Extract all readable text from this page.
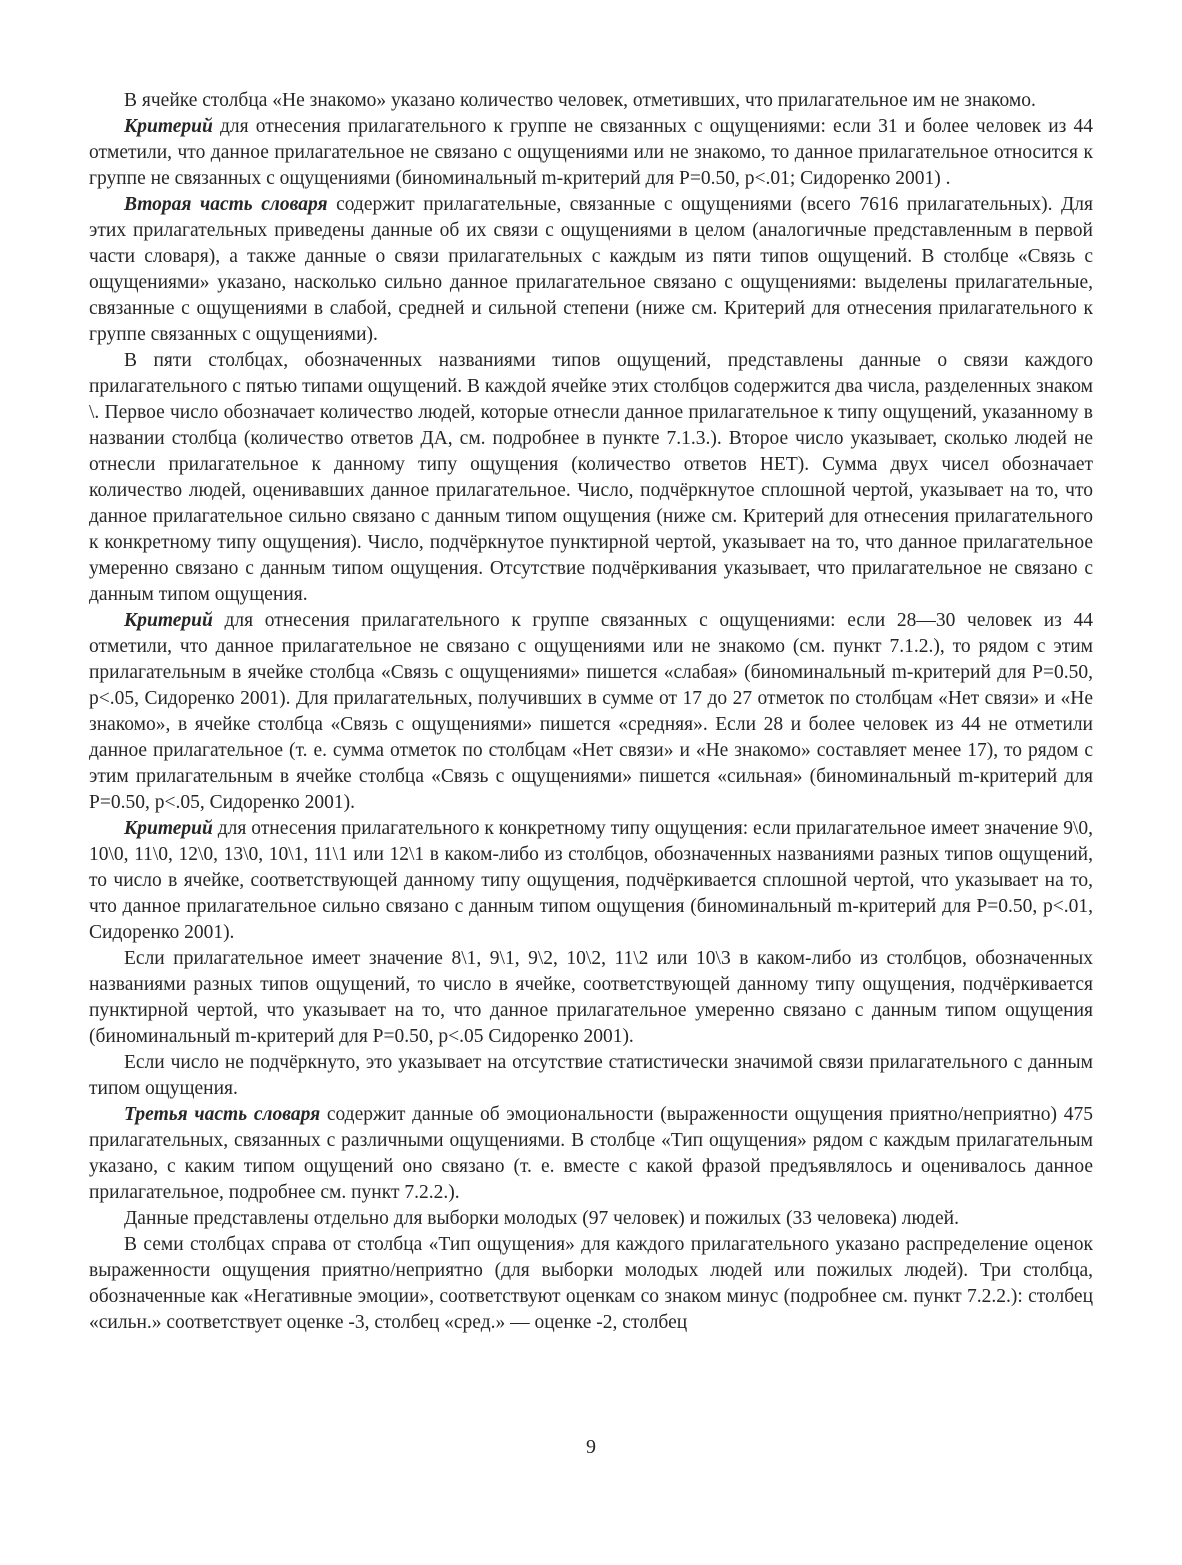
В ячейке столбца «Не знакомо» указано количество человек, отметивших, что прилагательное им не знакомо.

Критерий для отнесения прилагательного к группе не связанных с ощущениями: если 31 и более человек из 44 отметили, что данное прилагательное не связано с ощущениями или не знакомо, то данное прилагательное относится к группе не связанных с ощущениями (биноминальный m-критерий для P=0.50, p<.01; Сидоренко 2001) .

Вторая часть словаря содержит прилагательные, связанные с ощущениями (всего 7616 прилагательных). Для этих прилагательных приведены данные об их связи с ощущениями в целом (аналогичные представленным в первой части словаря), а также данные о связи прилагательных с каждым из пяти типов ощущений. В столбце «Связь с ощущениями» указано, насколько сильно данное прилагательное связано с ощущениями: выделены прилагательные, связанные с ощущениями в слабой, средней и сильной степени (ниже см. Критерий для отнесения прилагательного к группе связанных с ощущениями).

В пяти столбцах, обозначенных названиями типов ощущений, представлены данные о связи каждого прилагательного с пятью типами ощущений. В каждой ячейке этих столбцов содержится два числа, разделенных знаком \. Первое число обозначает количество людей, которые отнесли данное прилагательное к типу ощущений, указанному в названии столбца (количество ответов ДА, см. подробнее в пункте 7.1.3.). Второе число указывает, сколько людей не отнесли прилагательное к данному типу ощущения (количество ответов НЕТ). Сумма двух чисел обозначает количество людей, оценивавших данное прилагательное. Число, подчёркнутое сплошной чертой, указывает на то, что данное прилагательное сильно связано с данным типом ощущения (ниже см. Критерий для отнесения прилагательного к конкретному типу ощущения). Число, подчёркнутое пунктирной чертой, указывает на то, что данное прилагательное умеренно связано с данным типом ощущения. Отсутствие подчёркивания указывает, что прилагательное не связано с данным типом ощущения.

Критерий для отнесения прилагательного к группе связанных с ощущениями: если 28—30 человек из 44 отметили, что данное прилагательное не связано с ощущениями или не знакомо (см. пункт 7.1.2.), то рядом с этим прилагательным в ячейке столбца «Связь с ощущениями» пишется «слабая» (биноминальный m-критерий для P=0.50, p<.05, Сидоренко 2001). Для прилагательных, получивших в сумме от 17 до 27 отметок по столбцам «Нет связи» и «Не знакомо», в ячейке столбца «Связь с ощущениями» пишется «средняя». Если 28 и более человек из 44 не отметили данное прилагательное (т. е. сумма отметок по столбцам «Нет связи» и «Не знакомо» составляет менее 17), то рядом с этим прилагательным в ячейке столбца «Связь с ощущениями» пишется «сильная» (биноминальный m-критерий для P=0.50, p<.05, Сидоренко 2001).

Критерий для отнесения прилагательного к конкретному типу ощущения: если прилагательное имеет значение 9\0, 10\0, 11\0, 12\0, 13\0, 10\1, 11\1 или 12\1 в каком-либо из столбцов, обозначенных названиями разных типов ощущений, то число в ячейке, соответствующей данному типу ощущения, подчёркивается сплошной чертой, что указывает на то, что данное прилагательное сильно связано с данным типом ощущения (биноминальный m-критерий для P=0.50, p<.01, Сидоренко 2001).

Если прилагательное имеет значение 8\1, 9\1, 9\2, 10\2, 11\2 или 10\3 в каком-либо из столбцов, обозначенных названиями разных типов ощущений, то число в ячейке, соответствующей данному типу ощущения, подчёркивается пунктирной чертой, что указывает на то, что данное прилагательное умеренно связано с данным типом ощущения (биноминальный m-критерий для P=0.50, p<.05 Сидоренко 2001).

Если число не подчёркнуто, это указывает на отсутствие статистически значимой связи прилагательного с данным типом ощущения.

Третья часть словаря содержит данные об эмоциональности (выраженности ощущения приятно/неприятно) 475 прилагательных, связанных с различными ощущениями. В столбце «Тип ощущения» рядом с каждым прилагательным указано, с каким типом ощущений оно связано (т. е. вместе с какой фразой предъявлялось и оценивалось данное прилагательное, подробнее см. пункт 7.2.2.).

Данные представлены отдельно для выборки молодых (97 человек) и пожилых (33 человека) людей.

В семи столбцах справа от столбца «Тип ощущения» для каждого прилагательного указано распределение оценок выраженности ощущения приятно/неприятно (для выборки молодых людей или пожилых людей). Три столбца, обозначенные как «Негативные эмоции», соответствуют оценкам со знаком минус (подробнее см. пункт 7.2.2.): столбец «сильн.» соответствует оценке -3, столбец «сред.» — оценке -2, столбец

9
